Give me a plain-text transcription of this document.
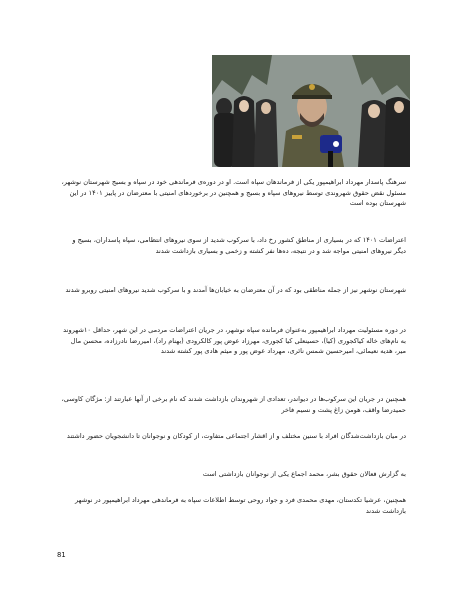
سرهنگ پاسدار مهرداد ابراهیمپور یکی از فرماندهان سپاه است. او در دوره‌ی فرماندهی خود در سپاه و بسیج شهرستان نوشهر، مسئول نقض حقوق شهروندی توسط نیروهای سپاه و بسیج و همچنین در برخوردهای امنیتی با معترضان در پاییز ۱۴۰۱ در این شهرستان بوده است

اعتراضات ۱۴۰۱ که در بسیاری از مناطق کشور رخ داد، با سرکوب شدید از سوی نیروهای انتظامی، سپاه پاسداران، بسیج و دیگر نیروهای امنیتی مواجه شد و در نتیجه، ده‌ها نفر کشته و زخمی و بسیاری بازداشت شدند

شهرستان نوشهر نیز از جمله مناطقی بود که در آن معترضان به خیابان‌ها آمدند و با سرکوب شدید نیروهای امنیتی روبرو شدند

در دوره مسئولیت مهرداد ابراهیمپور به‌عنوان فرمانده سپاه نوشهر، در جریان اعتراضات مردمی در این شهر، حداقل ۱۰شهروند به نام‌های خاله کیاکجوری (کیا)، حسینعلی کیا کجوری، مهرزاد عوض پور کالکرودی (بهنام راد)، امیررضا نادرزاده، محسن مال میر، هدیه نعیمائی، امیرحسین شمس نائری، مهرداد عوض پور و میثم هادی پور کشته شدند

همچنین در جریان این سرکوب‌ها در دیواندر، تعدادی از شهروندان بازداشت شدند که نام برخی از آنها عبارتند از: مژگان کاوسی، حمیدرضا واقف، هومن زاغ پشت و نسیم فاخر

در میان بازداشت‌شدگان افراد با سنین مختلف و از اقشار اجتماعی متفاوت، از کودکان و نوجوانان تا دانشجویان حضور داشتند

به گزارش فعالان حقوق بشر، محمد اجماع یکی از نوجوانان بازداشتی است

همچنین، عرشیا تکدستان، مهدی محمدی فرد و جواد روحی توسط اطلاعات سپاه به فرماندهی مهرداد ابراهیمپور در نوشهر بازداشت شدند

81
